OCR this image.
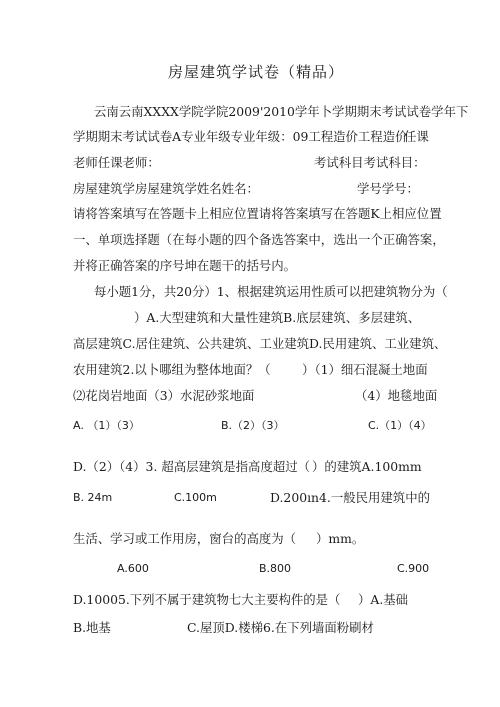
房屋建筑学试卷（精品）
云南云南XXXX学院学院2009'2010学年卜学期期末考试试卷学年下
学期期末考试试卷A专业年级专业年级：09工程造价工程造价
任课
老师任课老师：	考试科目考试科目：
房屋建筑学房屋建筑学姓名姓名：	学号学号：
请将答案填写在答题卡上相应位置请将答案填写在答题K上相应位置
一、单项选择题（在每小题的四个备选答案中，选出一个正确答案，
并将正确答案的序号坤在题干的括号内。
每小题1分，共20分）1、根据建筑运用性质可以把建筑物分为（
）A.大型建筑和大量性建筑B.底层建筑、多层建筑、
高层建筑C.居住建筑、公共建筑、工业建筑D.民用建筑、工业建筑、
农用建筑2.以卜哪组为整体地面？（	）（1）细石混凝土地面
⑵花岗岩地面（3）水泥砂浆地面	（4）地毯地面
A. （1）（3）	B.（2）（3）	C.（1）（4）
D.（2）（4）3. 超高层建筑是指高度超过（ ）的建筑A.100mm
B. 24m	C.100m	D.200ın4.一般民用建筑中的
生活、学习或工作用房，窗台的高度为（ ）mm。
A.600	B.800	C.900
D.10005.下列不属于建筑物七大主要构件的是（ ）A.基础
B.地基	C.屋顶D.楼梯6.在下列墙面粉刷材
